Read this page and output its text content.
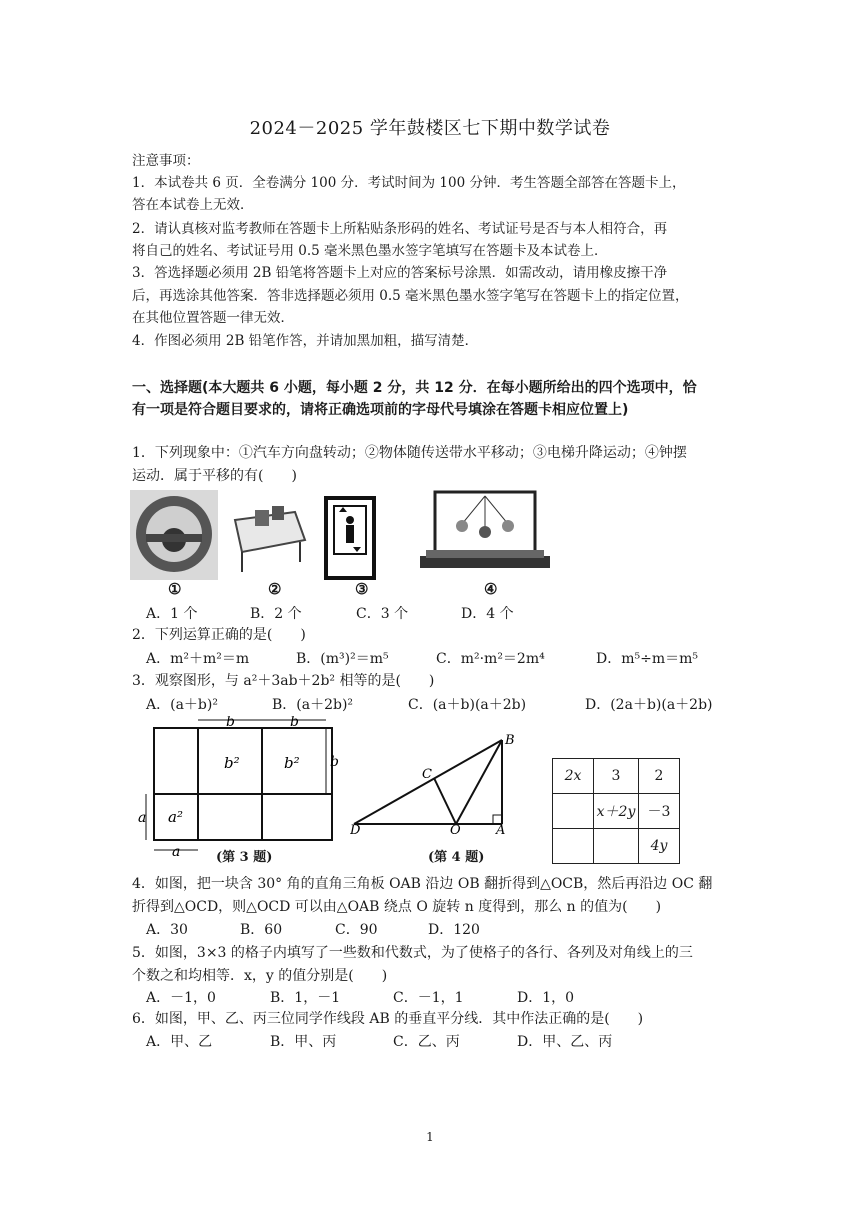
2024－2025 学年鼓楼区七下期中数学试卷
注意事项：
1．本试卷共 6 页．全卷满分 100 分．考试时间为 100 分钟．考生答题全部答在答题卡上，
答在本试卷上无效．
2．请认真核对监考教师在答题卡上所粘贴条形码的姓名、考试证号是否与本人相符合，再
将自己的姓名、考试证号用 0.5 毫米黑色墨水签字笔填写在答题卡及本试卷上．
3．答选择题必须用 2B 铅笔将答题卡上对应的答案标号涂黑．如需改动，请用橡皮擦干净
后，再选涂其他答案．答非选择题必须用 0.5 毫米黑色墨水签字笔写在答题卡上的指定位置，
在其他位置答题一律无效．
4．作图必须用 2B 铅笔作答，并请加黑加粗，描写清楚．
一、选择题(本大题共 6 小题，每小题 2 分，共 12 分．在每小题所给出的四个选项中，恰
有一项是符合题目要求的，请将正确选项前的字母代号填涂在答题卡相应位置上)
1．下列现象中：①汽车方向盘转动；②物体随传送带水平移动；③电梯升降运动；④钟摆
运动．属于平移的有(　　)
①	②	③	④
A．1 个	B．2 个	C．3 个	D．4 个
2．下列运算正确的是(　　)
A．m²＋m²＝m	B．(m³)²＝m⁵	C．m²·m²＝2m⁴	D．m⁵÷m＝m⁵
3．观察图形，与 a²＋3ab＋2b² 相等的是(　　)
A．(a＋b)²	B．(a＋2b)²	C．(a＋b)(a＋2b)	D．(2a＋b)(a＋2b)
b	b
b
a
a
b²	b²
a²
(第 3 题)
B
C
D	O	A
(第 4 题)
2x	3	2
	x＋2y	－3
		4y
4．如图，把一块含 30° 角的直角三角板 OAB 沿边 OB 翻折得到△OCB，然后再沿边 OC 翻
折得到△OCD，则△OCD 可以由△OAB 绕点 O 旋转 n 度得到，那么 n 的值为(　　)
A．30	B．60	C．90	D．120
5．如图，3×3 的格子内填写了一些数和代数式，为了使格子的各行、各列及对角线上的三
个数之和均相等．x，y 的值分别是(　　)
A．－1，0	B．1，－1	C．－1，1	D．1，0
6．如图，甲、乙、丙三位同学作线段 AB 的垂直平分线．其中作法正确的是(　　)
A．甲、乙	B．甲、丙	C．乙、丙	D．甲、乙、丙
1
